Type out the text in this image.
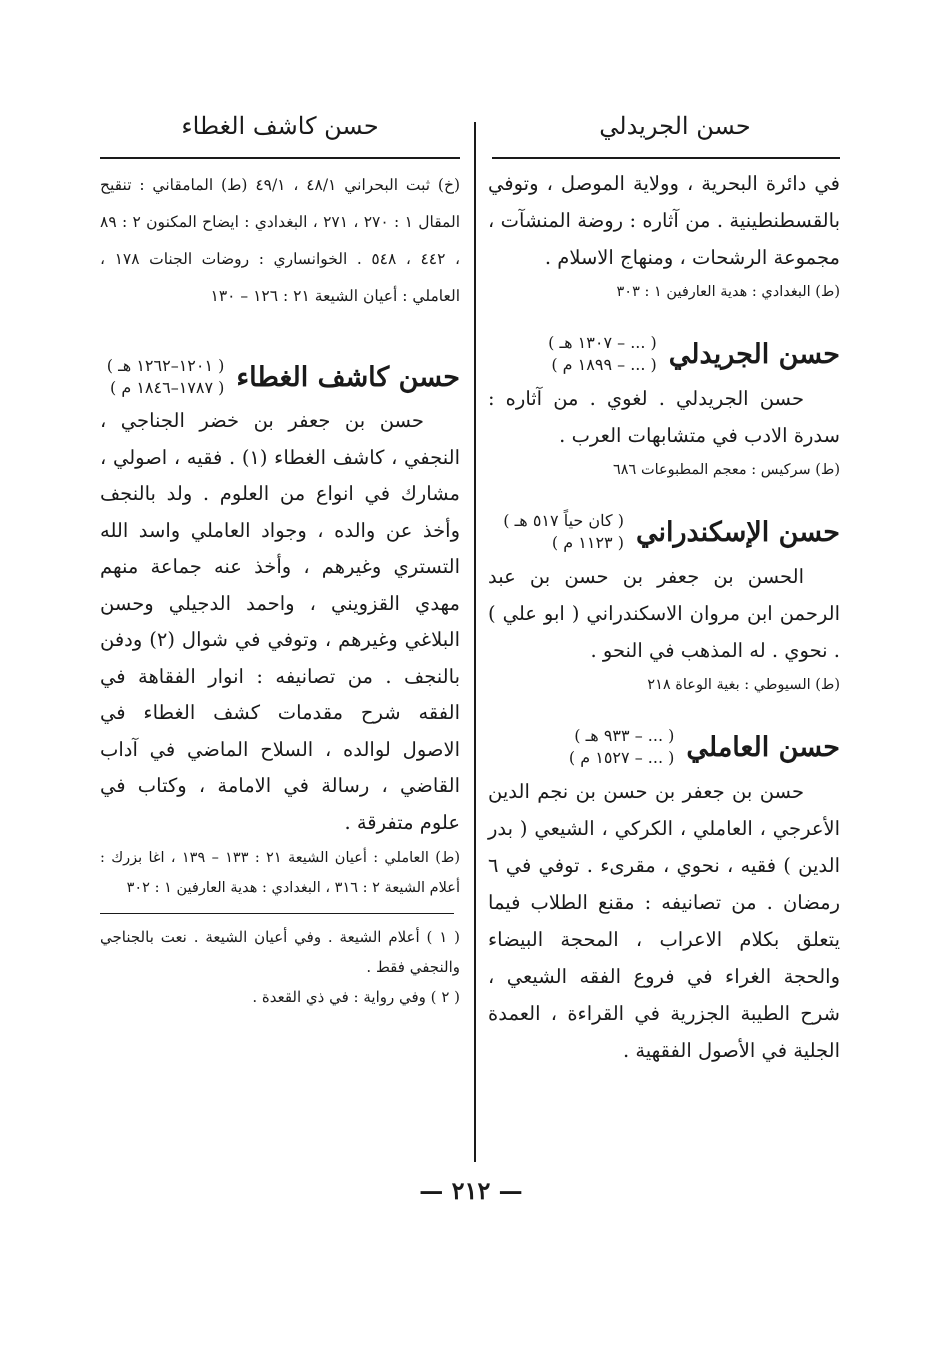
حسن الجريدلي
حسن كاشف الغطاء

في دائرة البحرية ، وولاية الموصل ، وتوفي بالقسطنطينية . من آثاره : روضة المنشآت ، مجموعة الرشحات ، ومنهاج الاسلام .

(ط) البغدادي : هدية العارفين ١ : ٣٠٣

حسن الجريدلي
( ... – ١٣٠٧ هـ )
( ... – ١٨٩٩ م )

حسن الجريدلي . لغوي . من آثاره : سدرة الادب في متشابهات العرب .

(ط) سركيس : معجم المطبوعات ٦٨٦

حسن الإسكندراني
( كان حياً ٥١٧ هـ )
( ١١٢٣ م )

الحسن بن جعفر بن حسن بن عبد الرحمن ابن مروان الاسكندراني ( ابو علي ) . نحوي . له المذهب في النحو .

(ط) السيوطي : بغية الوعاة ٢١٨

حسن العاملي
( ... – ٩٣٣ هـ )
( ... – ١٥٢٧ م )

حسن بن جعفر بن حسن بن نجم الدين الأعرجي ، العاملي ، الكركي ، الشيعي ( بدر الدين ) فقيه ، نحوي ، مقرىء . توفي في ٦ رمضان . من تصانيفه : مقنع الطلاب فيما يتعلق بكلام الاعراب ، المحجة البيضاء والحجة الغراء في فروع الفقه الشيعي ، شرح الطيبة الجزرية في القراءة ، العمدة الجلية في الأصول الفقهية .

(خ) ثبت البحراني ٤٨/١ ، ٤٩/١ (ط) المامقاني : تنقيح المقال ١ : ٢٧٠ ، ٢٧١ ، البغدادي : ايضاح المكنون ٢ : ٨٩ ، ٤٤٢ ، ٥٤٨ . الخوانساري : روضات الجنات ١٧٨ ، العاملي : أعيان الشيعة ٢١ : ١٢٦ – ١٣٠

حسن كاشف الغطاء
( ١٢٠١–١٢٦٢ هـ )
( ١٧٨٧–١٨٤٦ م )

حسن بن جعفر بن خضر الجناجي ، النجفي ، كاشف الغطاء (١) . فقيه ، اصولي ، مشارك في انواع من العلوم . ولد بالنجف وأخذ عن والده ، وجواد العاملي واسد الله التستري وغيرهم ، وأخذ عنه جماعة منهم مهدي القزويني ، واحمد الدجيلي وحسن البلاغي وغيرهم ، وتوفي في شوال (٢) ودفن بالنجف . من تصانيفه : انوار الفقاهة في الفقه شرح مقدمات كشف الغطاء في الاصول لوالده ، السلاح الماضي في آداب القاضي ، رسالة في الامامة ، وكتاب في علوم متفرقة .

(ط) العاملي : أعيان الشيعة ٢١ : ١٣٣ – ١٣٩ ، اغا بزرك : أعلام الشيعة ٢ : ٣١٦ ، البغدادي : هدية العارفين ١ : ٣٠٢

( ١ ) أعلام الشيعة . وفي أعيان الشيعة . نعت بالجناجي والنجفي فقط .

( ٢ ) وفي رواية : في ذي القعدة .

— ٢١٢ —
